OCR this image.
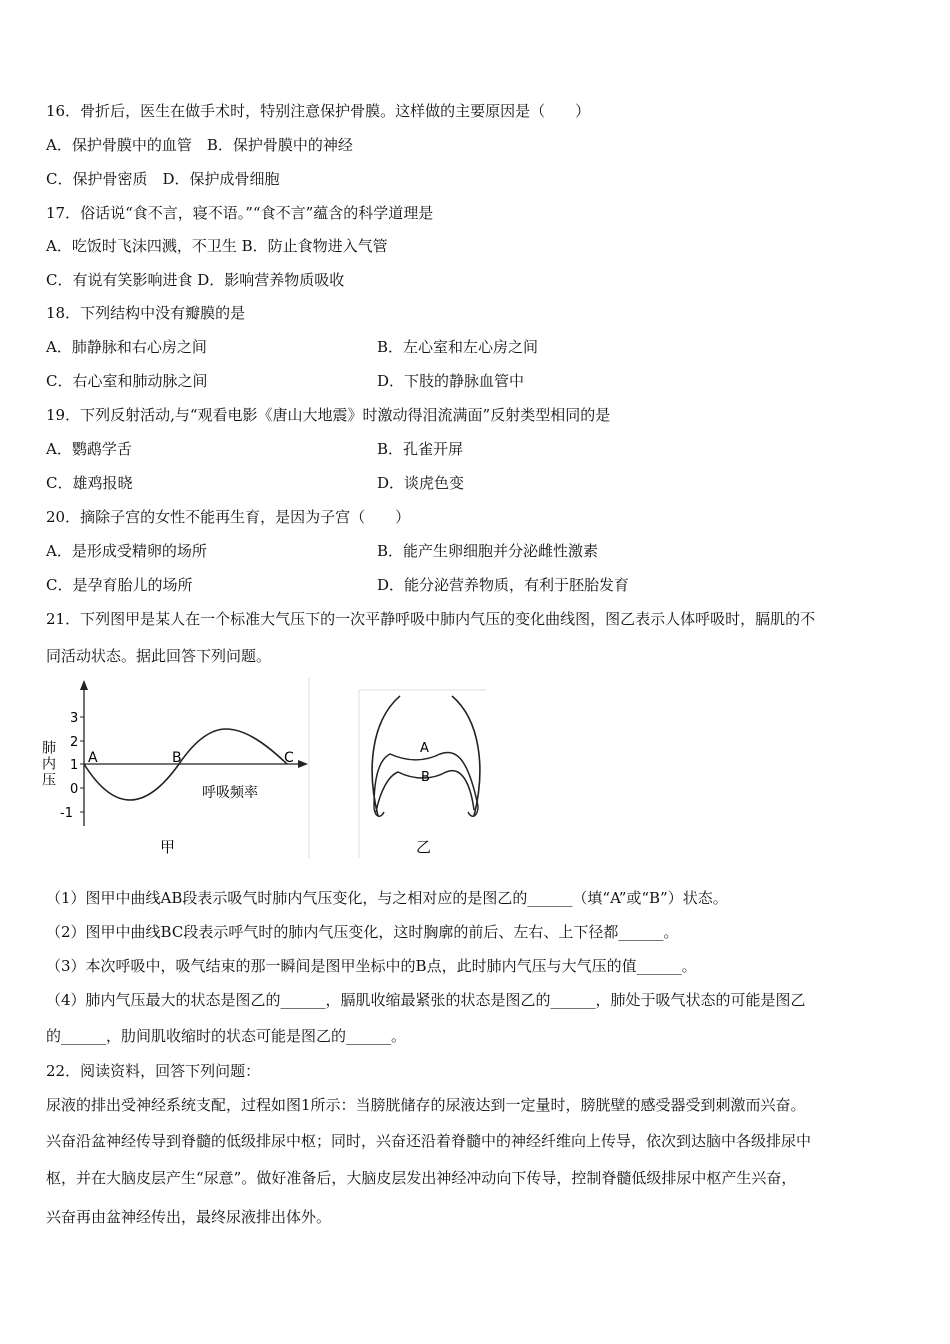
16．骨折后，医生在做手术时，特别注意保护骨膜。这样做的主要原因是（　　）
A．保护骨膜中的血管　B．保护骨膜中的神经
C．保护骨密质　D．保护成骨细胞
17．俗话说“食不言，寝不语。”“食不言”蕴含的科学道理是
A．吃饭时飞沫四溅，不卫生 B．防止食物进入气管
C．有说有笑影响进食 D．影响营养物质吸收
18．下列结构中没有瓣膜的是
A．肺静脉和右心房之间	B．左心室和左心房之间
C．右心室和肺动脉之间	D．下肢的静脉血管中
19．下列反射活动,与“观看电影《唐山大地震》时激动得泪流满面”反射类型相同的是
A．鹦鹉学舌	B．孔雀开屏
C．雄鸡报晓	D．谈虎色变
20．摘除子宫的女性不能再生育，是因为子宫（　　）
A．是形成受精卵的场所	B．能产生卵细胞并分泌雌性激素
C．是孕育胎儿的场所	D．能分泌营养物质，有利于胚胎发育
21．下列图甲是某人在一个标准大气压下的一次平静呼吸中肺内气压的变化曲线图，图乙表示人体呼吸时，膈肌的不
同活动状态。据此回答下列问题。
3
2
1
0
-1
肺内压 A	B	C
呼吸频率
甲
A
B
乙
（1）图甲中曲线AB段表示吸气时肺内气压变化，与之相对应的是图乙的______（填“A”或“B”）状态。
（2）图甲中曲线BC段表示呼气时的肺内气压变化，这时胸廓的前后、左右、上下径都______。
（3）本次呼吸中，吸气结束的那一瞬间是图甲坐标中的B点，此时肺内气压与大气压的值______。
（4）肺内气压最大的状态是图乙的______，膈肌收缩最紧张的状态是图乙的______，肺处于吸气状态的可能是图乙
的______，肋间肌收缩时的状态可能是图乙的______。
22．阅读资料，回答下列问题：
尿液的排出受神经系统支配，过程如图1所示：当膀胱储存的尿液达到一定量时，膀胱壁的感受器受到刺激而兴奋。
兴奋沿盆神经传导到脊髓的低级排尿中枢；同时，兴奋还沿着脊髓中的神经纤维向上传导，依次到达脑中各级排尿中
枢，并在大脑皮层产生“尿意”。做好准备后，大脑皮层发出神经冲动向下传导，控制脊髓低级排尿中枢产生兴奋，
兴奋再由盆神经传出，最终尿液排出体外。
